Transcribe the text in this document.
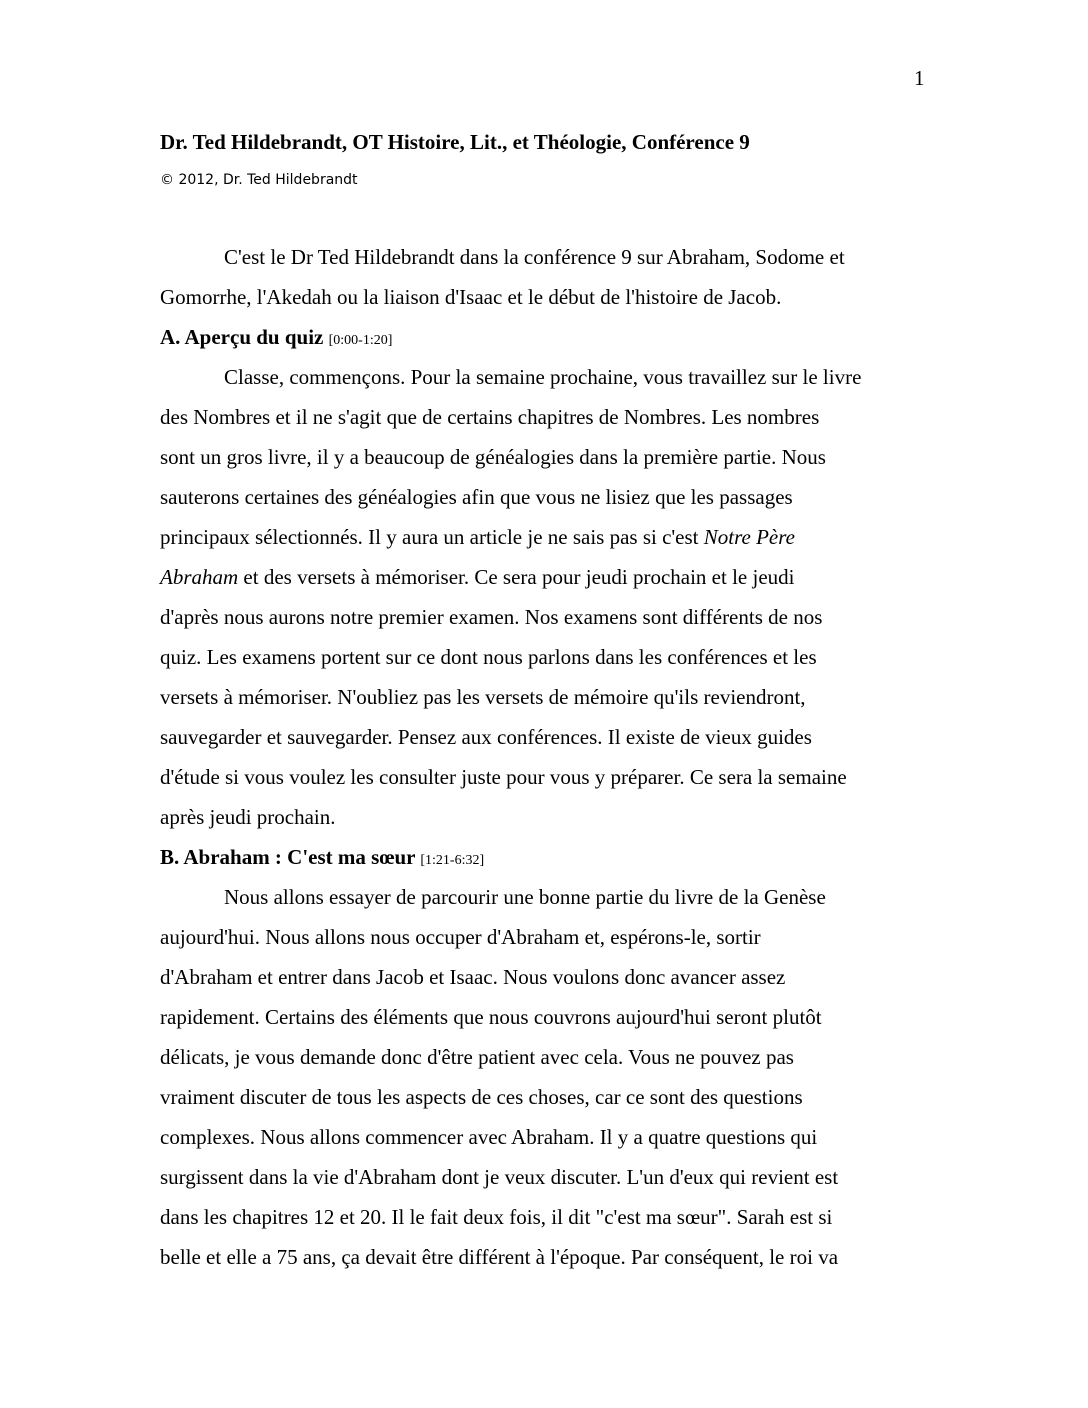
1
Dr. Ted Hildebrandt, OT Histoire, Lit., et Théologie, Conférence 9
© 2012, Dr. Ted Hildebrandt
C'est le Dr Ted Hildebrandt dans la conférence 9 sur Abraham, Sodome et
Gomorrhe, l'Akedah ou la liaison d'Isaac et le début de l'histoire de Jacob.
A. Aperçu du quiz [0:00-1:20]
Classe, commençons. Pour la semaine prochaine, vous travaillez sur le livre
des Nombres et il ne s'agit que de certains chapitres de Nombres. Les nombres
sont un gros livre, il y a beaucoup de généalogies dans la première partie. Nous
sauterons certaines des généalogies afin que vous ne lisiez que les passages
principaux sélectionnés. Il y aura un article je ne sais pas si c'est Notre Père
Abraham et des versets à mémoriser. Ce sera pour jeudi prochain et le jeudi
d'après nous aurons notre premier examen. Nos examens sont différents de nos
quiz. Les examens portent sur ce dont nous parlons dans les conférences et les
versets à mémoriser. N'oubliez pas les versets de mémoire qu'ils reviendront,
sauvegarder et sauvegarder. Pensez aux conférences. Il existe de vieux guides
d'étude si vous voulez les consulter juste pour vous y préparer. Ce sera la semaine
après jeudi prochain.
B. Abraham : C'est ma sœur [1:21-6:32]
Nous allons essayer de parcourir une bonne partie du livre de la Genèse
aujourd'hui. Nous allons nous occuper d'Abraham et, espérons-le, sortir
d'Abraham et entrer dans Jacob et Isaac. Nous voulons donc avancer assez
rapidement. Certains des éléments que nous couvrons aujourd'hui seront plutôt
délicats, je vous demande donc d'être patient avec cela. Vous ne pouvez pas
vraiment discuter de tous les aspects de ces choses, car ce sont des questions
complexes. Nous allons commencer avec Abraham. Il y a quatre questions qui
surgissent dans la vie d'Abraham dont je veux discuter. L'un d'eux qui revient est
dans les chapitres 12 et 20. Il le fait deux fois, il dit "c'est ma sœur". Sarah est si
belle et elle a 75 ans, ça devait être différent à l'époque. Par conséquent, le roi va
